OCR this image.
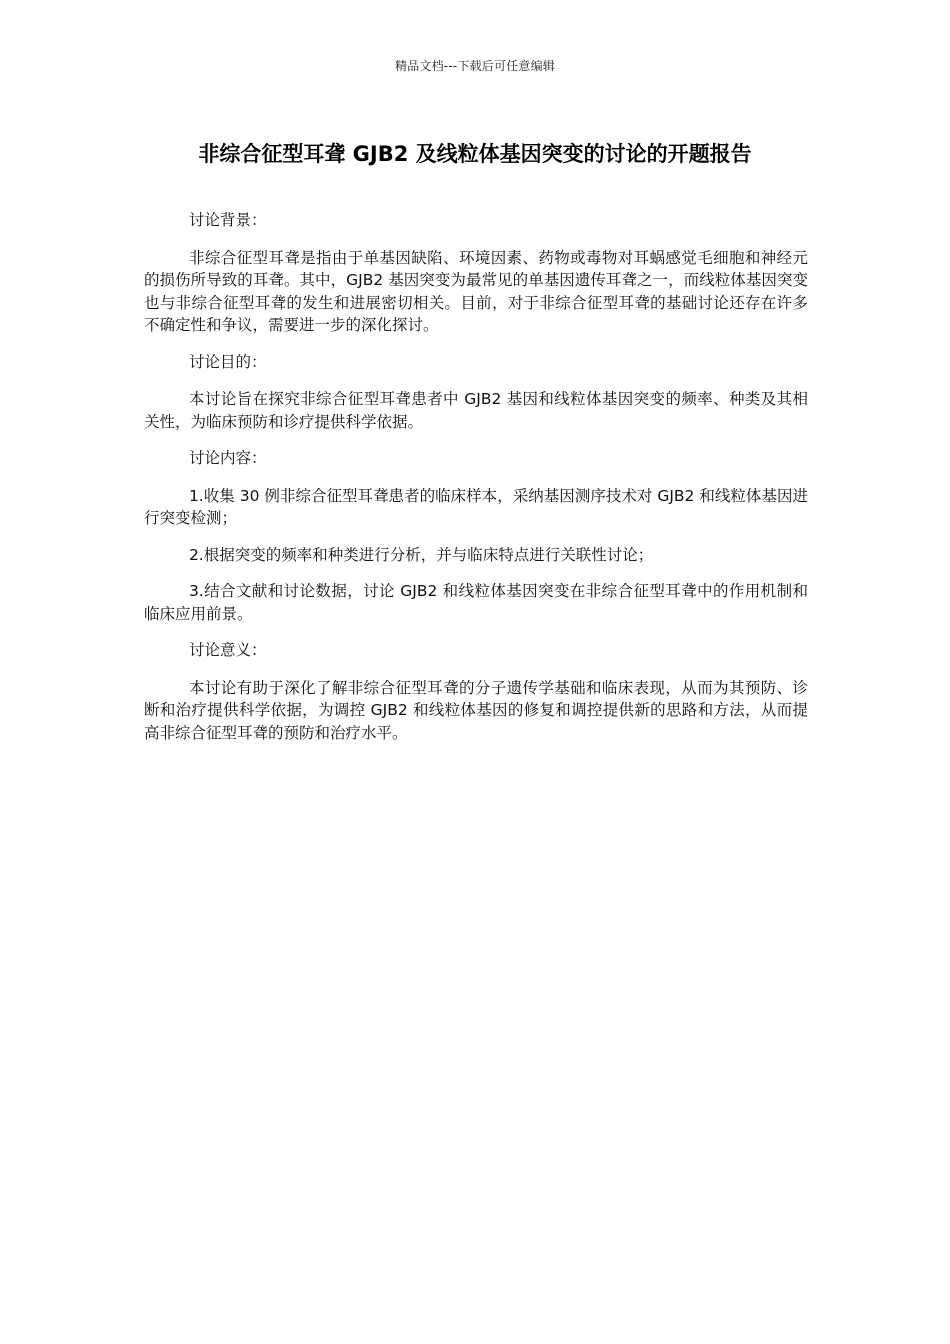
精品文档---下载后可任意编辑
非综合征型耳聋 GJB2 及线粒体基因突变的讨论的开题报告

讨论背景：

非综合征型耳聋是指由于单基因缺陷、环境因素、药物或毒物对耳蜗感觉毛细胞和神经元的损伤所导致的耳聋。其中，GJB2 基因突变为最常见的单基因遗传耳聋之一，而线粒体基因突变也与非综合征型耳聋的发生和进展密切相关。目前，对于非综合征型耳聋的基础讨论还存在许多不确定性和争议，需要进一步的深化探讨。

讨论目的：

本讨论旨在探究非综合征型耳聋患者中 GJB2 基因和线粒体基因突变的频率、种类及其相关性，为临床预防和诊疗提供科学依据。

讨论内容：

1.收集 30 例非综合征型耳聋患者的临床样本，采纳基因测序技术对 GJB2 和线粒体基因进行突变检测；

2.根据突变的频率和种类进行分析，并与临床特点进行关联性讨论；

3.结合文献和讨论数据，讨论 GJB2 和线粒体基因突变在非综合征型耳聋中的作用机制和临床应用前景。

讨论意义：

本讨论有助于深化了解非综合征型耳聋的分子遗传学基础和临床表现，从而为其预防、诊断和治疗提供科学依据，为调控 GJB2 和线粒体基因的修复和调控提供新的思路和方法，从而提高非综合征型耳聋的预防和治疗水平。
